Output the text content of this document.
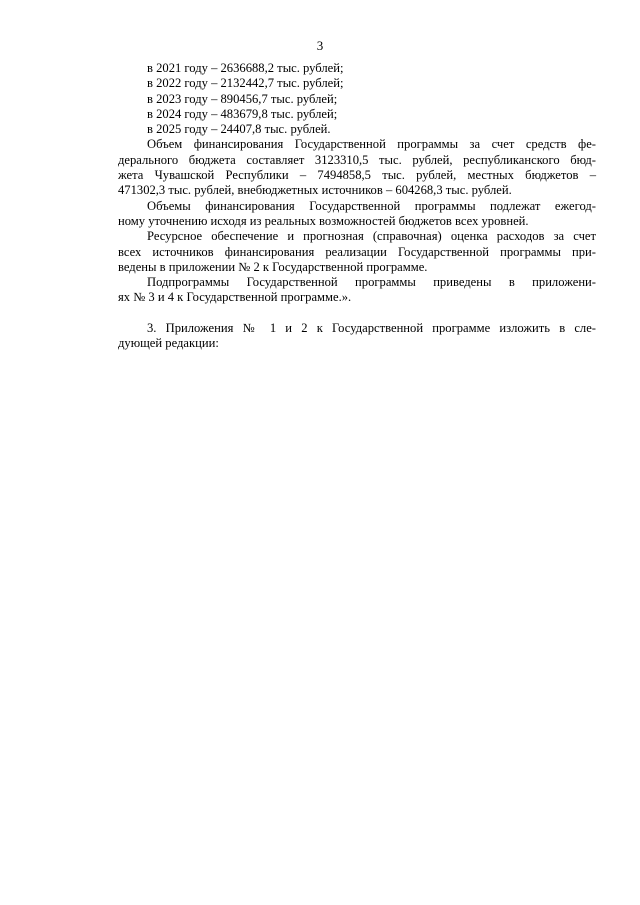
3
в 2021 году – 2636688,2 тыс. рублей;
в 2022 году – 2132442,7 тыс. рублей;
в 2023 году – 890456,7 тыс. рублей;
в 2024 году – 483679,8 тыс. рублей;
в 2025 году – 24407,8 тыс. рублей.
Объем финансирования Государственной программы за счет средств фе-
дерального бюджета составляет 3123310,5 тыс. рублей, республиканского бюд-
жета Чувашской Республики – 7494858,5 тыс. рублей, местных бюджетов –
471302,3 тыс. рублей, внебюджетных источников – 604268,3 тыс. рублей.
Объемы финансирования Государственной программы подлежат ежегод-
ному уточнению исходя из реальных возможностей бюджетов всех уровней.
Ресурсное обеспечение и прогнозная (справочная) оценка расходов за счет
всех источников финансирования реализации Государственной программы при-
ведены в приложении № 2 к Государственной программе.
Подпрограммы Государственной программы приведены в приложени-
ях № 3 и 4 к Государственной программе.».
3. Приложения № 1 и 2 к Государственной программе изложить в сле-
дующей редакции:
